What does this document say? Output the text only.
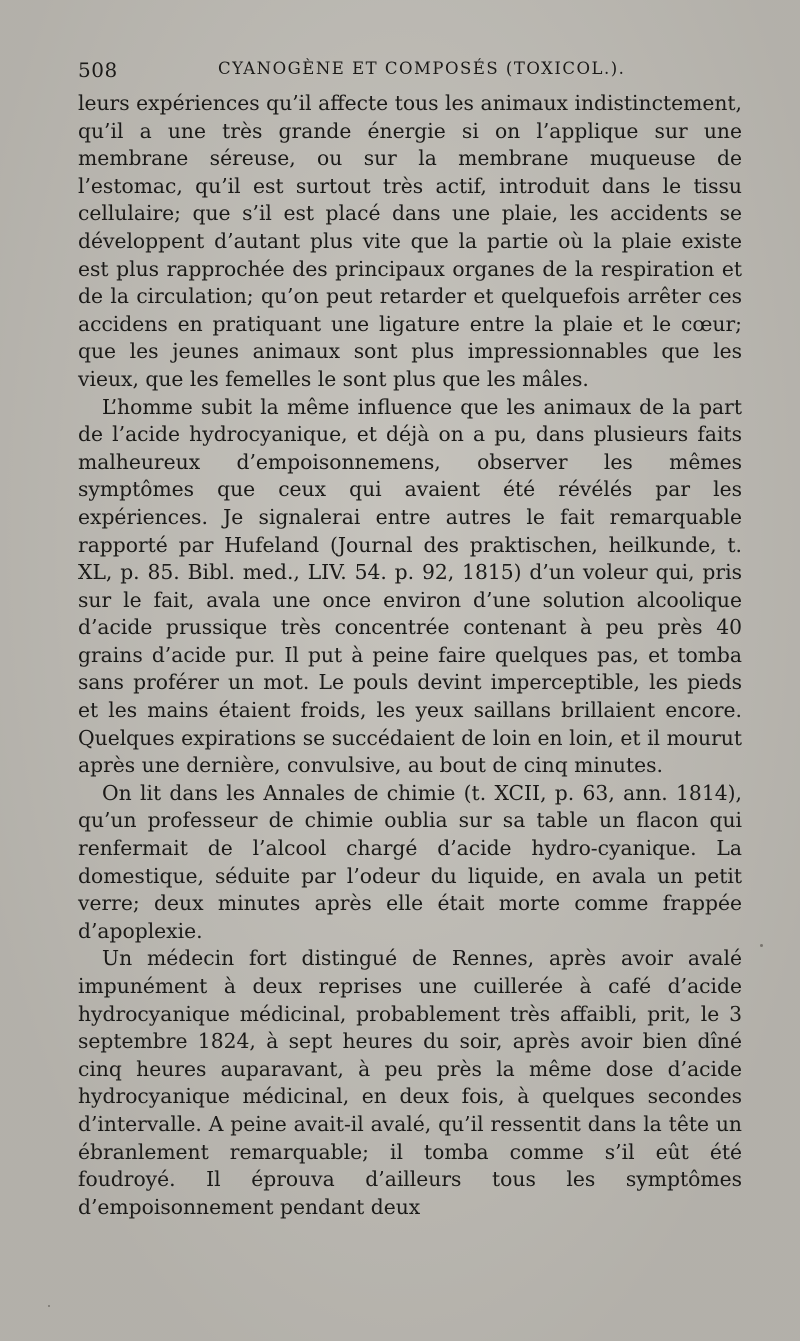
508	CYANOGÈNE ET COMPOSÉS (TOXICOL.).

leurs expériences qu’il affecte tous les animaux indistinctement, qu’il a une très grande énergie si on l’applique sur une membrane séreuse, ou sur la membrane muqueuse de l’estomac, qu’il est surtout très actif, introduit dans le tissu cellulaire; que s’il est placé dans une plaie, les accidents se développent d’autant plus vite que la partie où la plaie existe est plus rapprochée des principaux organes de la respiration et de la circulation; qu’on peut retarder et quelquefois arrêter ces accidens en pratiquant une ligature entre la plaie et le cœur; que les jeunes animaux sont plus impressionnables que les vieux, que les femelles le sont plus que les mâles.

L’homme subit la même influence que les animaux de la part de l’acide hydrocyanique, et déjà on a pu, dans plusieurs faits malheureux d’empoisonnemens, observer les mêmes symptômes que ceux qui avaient été révélés par les expériences. Je signalerai entre autres le fait remarquable rapporté par Hufeland (Journal des praktischen, heilkunde, t. XL, p. 85. Bibl. med., LIV. 54. p. 92, 1815) d’un voleur qui, pris sur le fait, avala une once environ d’une solution alcoolique d’acide prussique très concentrée contenant à peu près 40 grains d’acide pur. Il put à peine faire quelques pas, et tomba sans proférer un mot. Le pouls devint imperceptible, les pieds et les mains étaient froids, les yeux saillans brillaient encore. Quelques expirations se succédaient de loin en loin, et il mourut après une dernière, convulsive, au bout de cinq minutes.

On lit dans les Annales de chimie (t. XCII, p. 63, ann. 1814), qu’un professeur de chimie oublia sur sa table un flacon qui renfermait de l’alcool chargé d’acide hydro-cyanique. La domestique, séduite par l’odeur du liquide, en avala un petit verre; deux minutes après elle était morte comme frappée d’apoplexie.

Un médecin fort distingué de Rennes, après avoir avalé impunément à deux reprises une cuillerée à café d’acide hydrocyanique médicinal, probablement très affaibli, prit, le 3 septembre 1824, à sept heures du soir, après avoir bien dîné cinq heures auparavant, à peu près la même dose d’acide hydrocyanique médicinal, en deux fois, à quelques secondes d’intervalle. A peine avait-il avalé, qu’il ressentit dans la tête un ébranlement remarquable; il tomba comme s’il eût été foudroyé. Il éprouva d’ailleurs tous les symptômes d’empoisonnement pendant deux
